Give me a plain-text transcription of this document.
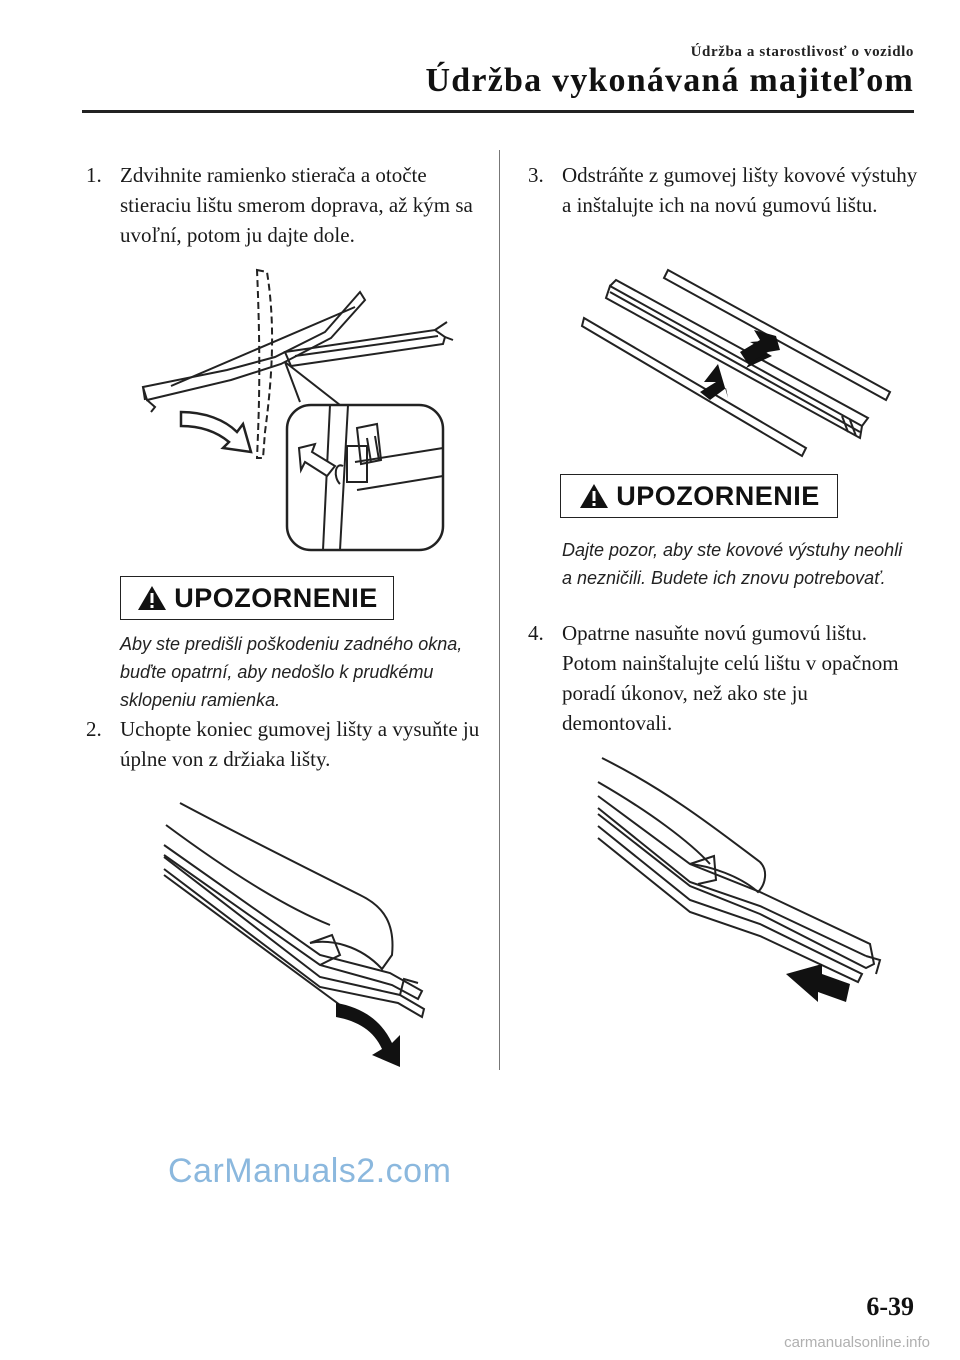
Údržba a starostlivosť o vozidlo
Údržba vykonávaná majiteľom
1. Zdvihnite ramienko stierača a otočte stieraciu lištu smerom doprava, až kým sa uvoľní, potom ju dajte dole.
UPOZORNENIE
Aby ste predišli poškodeniu zadného okna, buďte opatrní, aby nedošlo k prudkému sklopeniu ramienka.
2. Uchopte koniec gumovej lišty a vysuňte ju úplne von z držiaka lišty.
3. Odstráňte z gumovej lišty kovové výstuhy a inštalujte ich na novú gumovú lištu.
UPOZORNENIE
Dajte pozor, aby ste kovové výstuhy neohli a nezničili. Budete ich znovu potrebovať.
4. Opatrne nasuňte novú gumovú lištu. Potom nainštalujte celú lištu v opačnom poradí úkonov, než ako ste ju demontovali.
CarManuals2.com
6-39
carmanualsonline.info
